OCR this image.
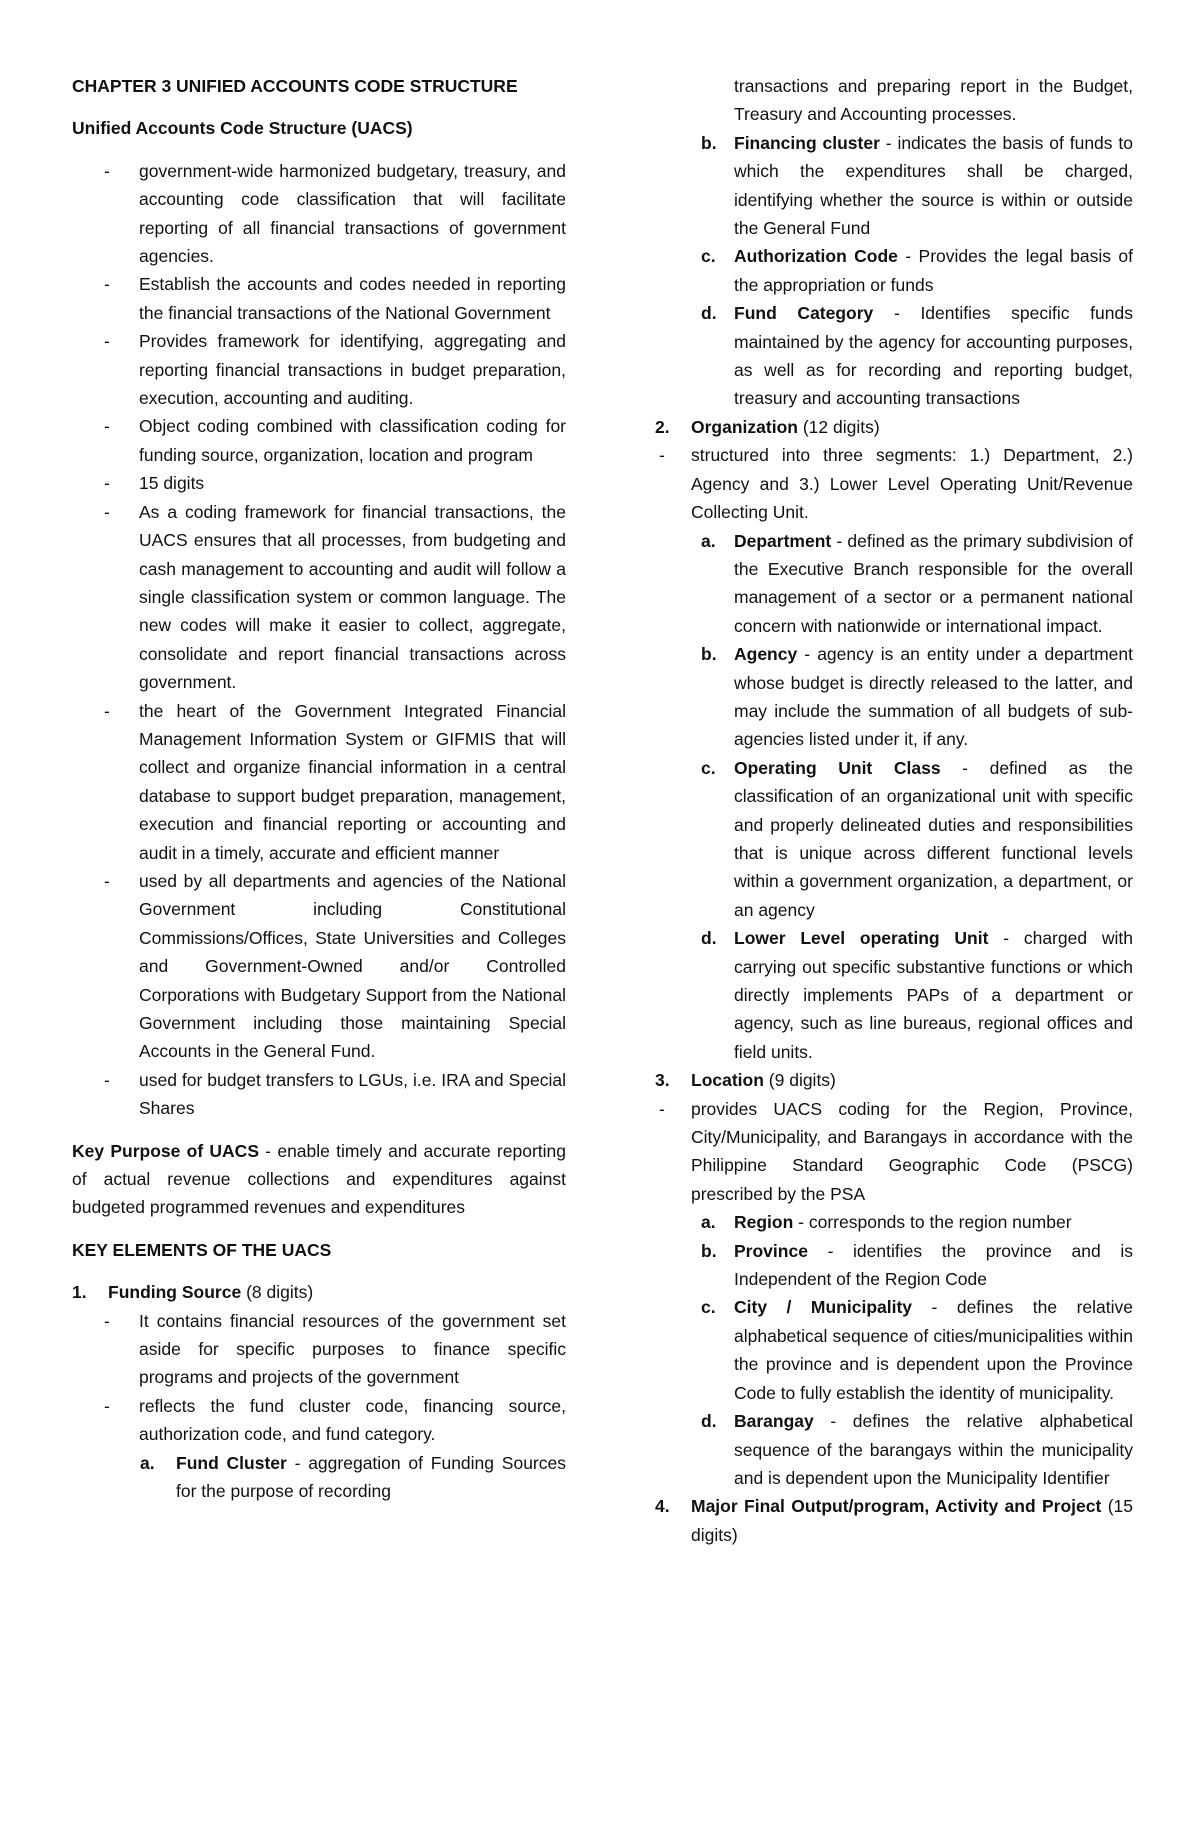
CHAPTER 3 UNIFIED ACCOUNTS CODE STRUCTURE
Unified Accounts Code Structure (UACS)
- government-wide harmonized budgetary, treasury, and accounting code classification that will facilitate reporting of all financial transactions of government agencies.
- Establish the accounts and codes needed in reporting the financial transactions of the National Government
- Provides framework for identifying, aggregating and reporting financial transactions in budget preparation, execution, accounting and auditing.
- Object coding combined with classification coding for funding source, organization, location and program
- 15 digits
- As a coding framework for financial transactions, the UACS ensures that all processes, from budgeting and cash management to accounting and audit will follow a single classification system or common language. The new codes will make it easier to collect, aggregate, consolidate and report financial transactions across government.
- the heart of the Government Integrated Financial Management Information System or GIFMIS that will collect and organize financial information in a central database to support budget preparation, management, execution and financial reporting or accounting and audit in a timely, accurate and efficient manner
- used by all departments and agencies of the National Government including Constitutional Commissions/Offices, State Universities and Colleges and Government-Owned and/or Controlled Corporations with Budgetary Support from the National Government including those maintaining Special Accounts in the General Fund.
- used for budget transfers to LGUs, i.e. IRA and Special Shares
Key Purpose of UACS - enable timely and accurate reporting of actual revenue collections and expenditures against budgeted programmed revenues and expenditures
KEY ELEMENTS OF THE UACS
1. Funding Source (8 digits)
- It contains financial resources of the government set aside for specific purposes to finance specific programs and projects of the government
- reflects the fund cluster code, financing source, authorization code, and fund category.
a. Fund Cluster - aggregation of Funding Sources for the purpose of recording
transactions and preparing report in the Budget, Treasury and Accounting processes.
b. Financing cluster - indicates the basis of funds to which the expenditures shall be charged, identifying whether the source is within or outside the General Fund
c. Authorization Code - Provides the legal basis of the appropriation or funds
d. Fund Category - Identifies specific funds maintained by the agency for accounting purposes, as well as for recording and reporting budget, treasury and accounting transactions
2. Organization (12 digits)
- structured into three segments: 1.) Department, 2.) Agency and 3.) Lower Level Operating Unit/Revenue Collecting Unit.
a. Department - defined as the primary subdivision of the Executive Branch responsible for the overall management of a sector or a permanent national concern with nationwide or international impact.
b. Agency - agency is an entity under a department whose budget is directly released to the latter, and may include the summation of all budgets of sub-agencies listed under it, if any.
c. Operating Unit Class - defined as the classification of an organizational unit with specific and properly delineated duties and responsibilities that is unique across different functional levels within a government organization, a department, or an agency
d. Lower Level operating Unit - charged with carrying out specific substantive functions or which directly implements PAPs of a department or agency, such as line bureaus, regional offices and field units.
3. Location (9 digits)
- provides UACS coding for the Region, Province, City/Municipality, and Barangays in accordance with the Philippine Standard Geographic Code (PSCG) prescribed by the PSA
a. Region - corresponds to the region number
b. Province - identifies the province and is Independent of the Region Code
c. City / Municipality - defines the relative alphabetical sequence of cities/municipalities within the province and is dependent upon the Province Code to fully establish the identity of municipality.
d. Barangay - defines the relative alphabetical sequence of the barangays within the municipality and is dependent upon the Municipality Identifier
4. Major Final Output/program, Activity and Project (15 digits)
